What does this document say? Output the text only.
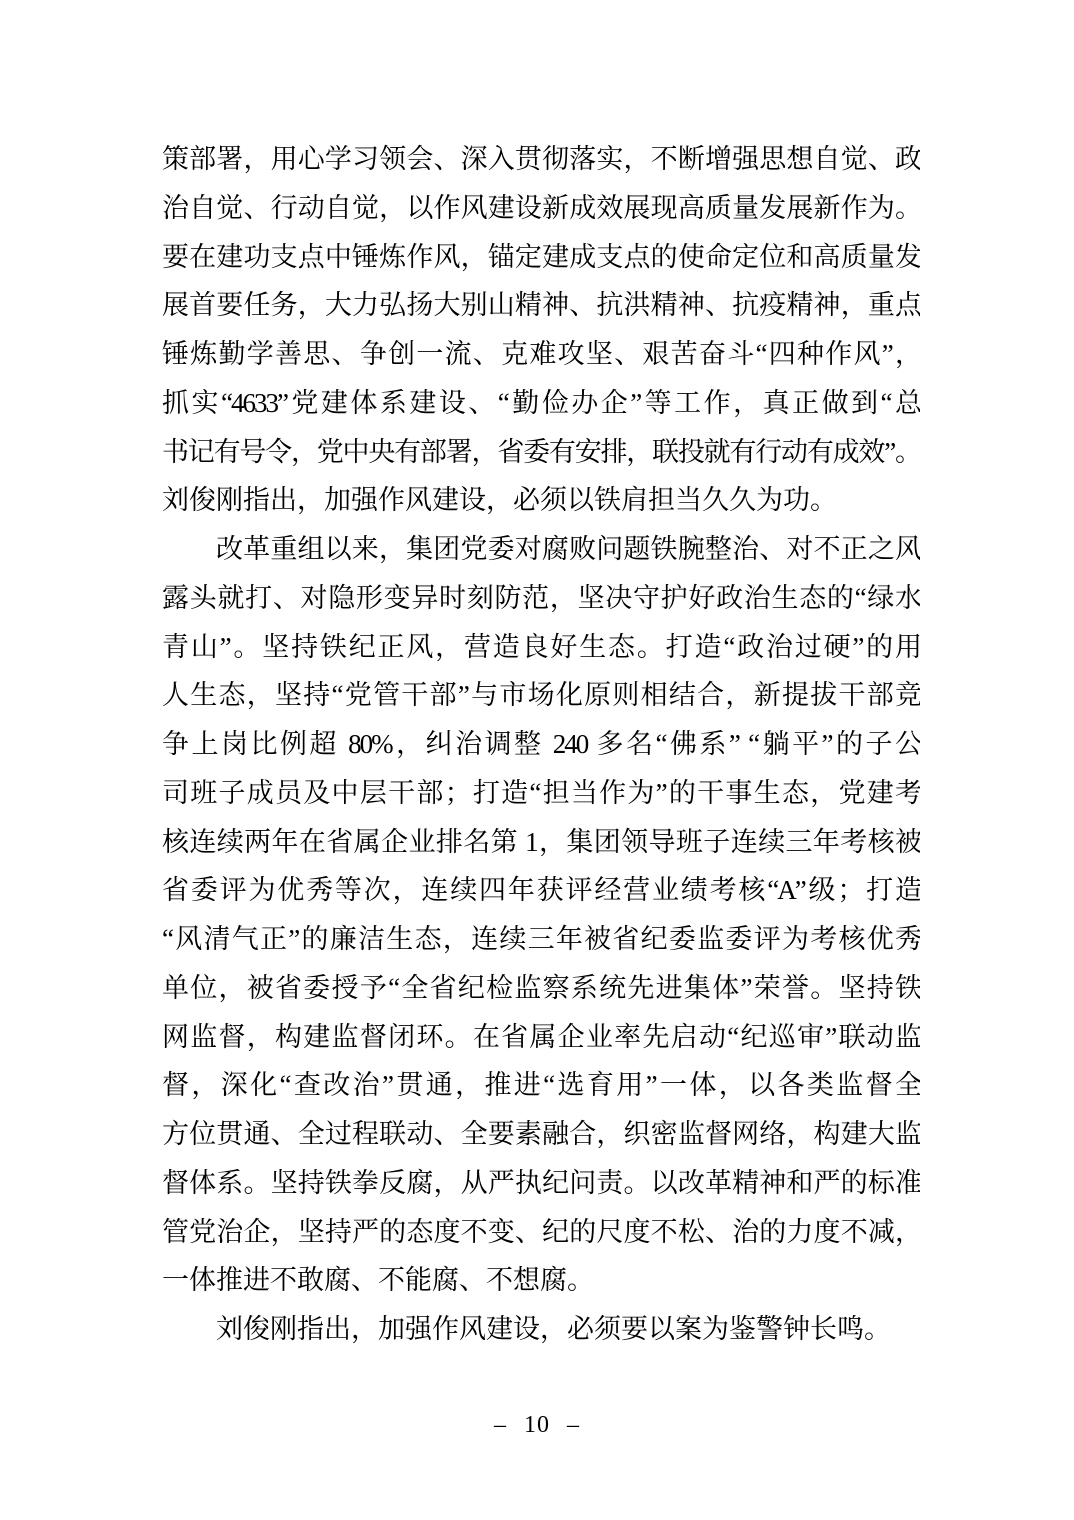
策部署，用心学习领会、深入贯彻落实，不断增强思想自觉、政
治自觉、行动自觉，以作风建设新成效展现高质量发展新作为。
要在建功支点中锤炼作风，锚定建成支点的使命定位和高质量发
展首要任务，大力弘扬大别山精神、抗洪精神、抗疫精神，重点
锤炼勤学善思、争创一流、克难攻坚、艰苦奋斗“四种作风”，
抓实“4633”党建体系建设、“勤俭办企”等工作，真正做到“总
书记有号令，党中央有部署，省委有安排，联投就有行动有成效”。
刘俊刚指出，加强作风建设，必须以铁肩担当久久为功。
改革重组以来，集团党委对腐败问题铁腕整治、对不正之风
露头就打、对隐形变异时刻防范，坚决守护好政治生态的“绿水
青山”。坚持铁纪正风，营造良好生态。打造“政治过硬”的用
人生态，坚持“党管干部”与市场化原则相结合，新提拔干部竞
争上岗比例超 80%，纠治调整 240 多名“佛系” “躺平”的子公
司班子成员及中层干部；打造“担当作为”的干事生态，党建考
核连续两年在省属企业排名第 1，集团领导班子连续三年考核被
省委评为优秀等次，连续四年获评经营业绩考核“A”级；打造
“风清气正”的廉洁生态，连续三年被省纪委监委评为考核优秀
单位，被省委授予“全省纪检监察系统先进集体”荣誉。坚持铁
网监督，构建监督闭环。在省属企业率先启动“纪巡审”联动监
督，深化“查改治”贯通，推进“选育用”一体，以各类监督全
方位贯通、全过程联动、全要素融合，织密监督网络，构建大监
督体系。坚持铁拳反腐，从严执纪问责。以改革精神和严的标准
管党治企，坚持严的态度不变、纪的尺度不松、治的力度不减，
一体推进不敢腐、不能腐、不想腐。
刘俊刚指出，加强作风建设，必须要以案为鉴警钟长鸣。
– 10 –
